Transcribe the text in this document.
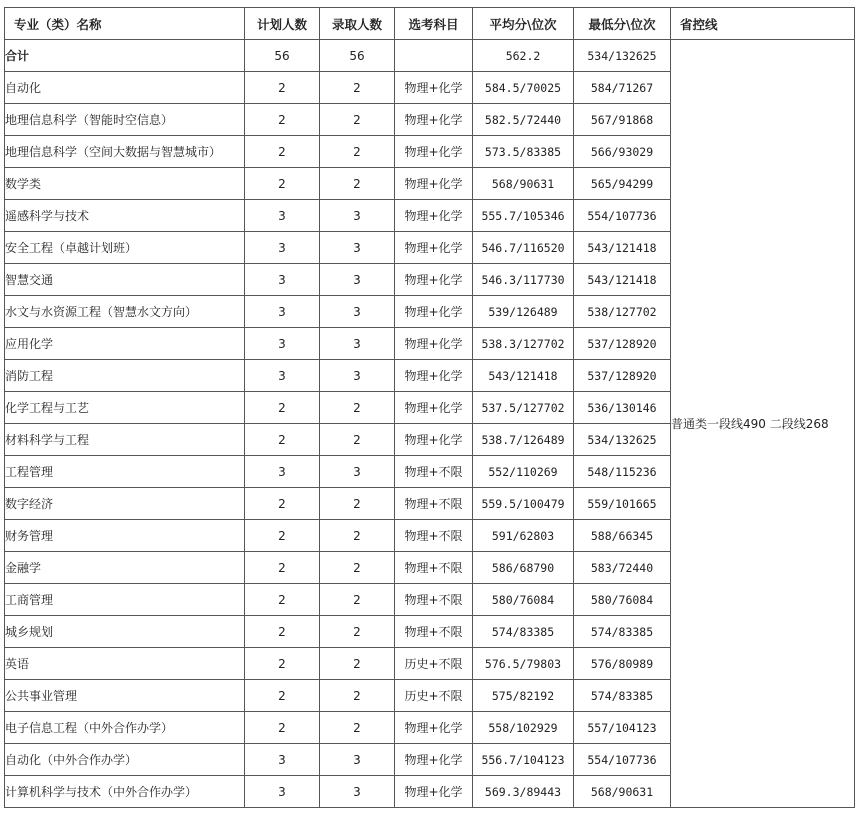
专业（类）名称	计划人数	录取人数	选考科目	平均分\位次	最低分\位次	省控线
合计	56	56		562.2	534/132625	普通类一段线490 二段线268
自动化	2	2	物理+化学	584.5/70025	584/71267	
地理信息科学（智能时空信息）	2	2	物理+化学	582.5/72440	567/91868	
地理信息科学（空间大数据与智慧城市）	2	2	物理+化学	573.5/83385	566/93029	
数学类	2	2	物理+化学	568/90631	565/94299	
遥感科学与技术	3	3	物理+化学	555.7/105346	554/107736	
安全工程（卓越计划班）	3	3	物理+化学	546.7/116520	543/121418	
智慧交通	3	3	物理+化学	546.3/117730	543/121418	
水文与水资源工程（智慧水文方向）	3	3	物理+化学	539/126489	538/127702	
应用化学	3	3	物理+化学	538.3/127702	537/128920	
消防工程	3	3	物理+化学	543/121418	537/128920	
化学工程与工艺	2	2	物理+化学	537.5/127702	536/130146	
材料科学与工程	2	2	物理+化学	538.7/126489	534/132625	
工程管理	3	3	物理+不限	552/110269	548/115236	
数字经济	2	2	物理+不限	559.5/100479	559/101665	
财务管理	2	2	物理+不限	591/62803	588/66345	
金融学	2	2	物理+不限	586/68790	583/72440	
工商管理	2	2	物理+不限	580/76084	580/76084	
城乡规划	2	2	物理+不限	574/83385	574/83385	
英语	2	2	历史+不限	576.5/79803	576/80989	
公共事业管理	2	2	历史+不限	575/82192	574/83385	
电子信息工程（中外合作办学）	2	2	物理+化学	558/102929	557/104123	
自动化（中外合作办学）	3	3	物理+化学	556.7/104123	554/107736	
计算机科学与技术（中外合作办学）	3	3	物理+化学	569.3/89443	568/90631	
